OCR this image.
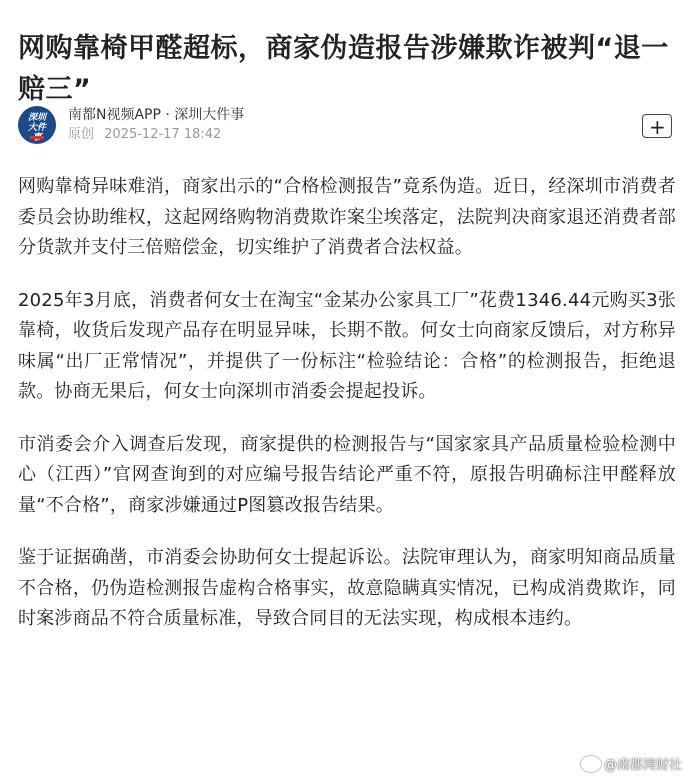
网购靠椅甲醛超标，商家伪造报告涉嫌欺诈被判“退一赔三”
深圳大件
南都N视频APP · 深圳大件事
原创 2025-12-17 18:42	+

网购靠椅异味难消，商家出示的“合格检测报告”竟系伪造。近日，经深圳市消费者委员会协助维权，这起网络购物消费欺诈案尘埃落定，法院判决商家退还消费者部分货款并支付三倍赔偿金，切实维护了消费者合法权益。

2025年3月底，消费者何女士在淘宝“金某办公家具工厂”花费1346.44元购买3张靠椅，收货后发现产品存在明显异味，长期不散。何女士向商家反馈后，对方称异味属“出厂正常情况”，并提供了一份标注“检验结论：合格”的检测报告，拒绝退款。协商无果后，何女士向深圳市消委会提起投诉。

市消委会介入调查后发现，商家提供的检测报告与“国家家具产品质量检验检测中心（江西）”官网查询到的对应编号报告结论严重不符，原报告明确标注甲醛释放量“不合格”，商家涉嫌通过P图篡改报告结果。

鉴于证据确凿，市消委会协助何女士提起诉讼。法院审理认为，商家明知商品质量不合格，仍伪造检测报告虚构合格事实，故意隐瞒真实情况，已构成消费欺诈，同时案涉商品不符合质量标准，导致合同目的无法实现，构成根本违约。

@南都湾财社
